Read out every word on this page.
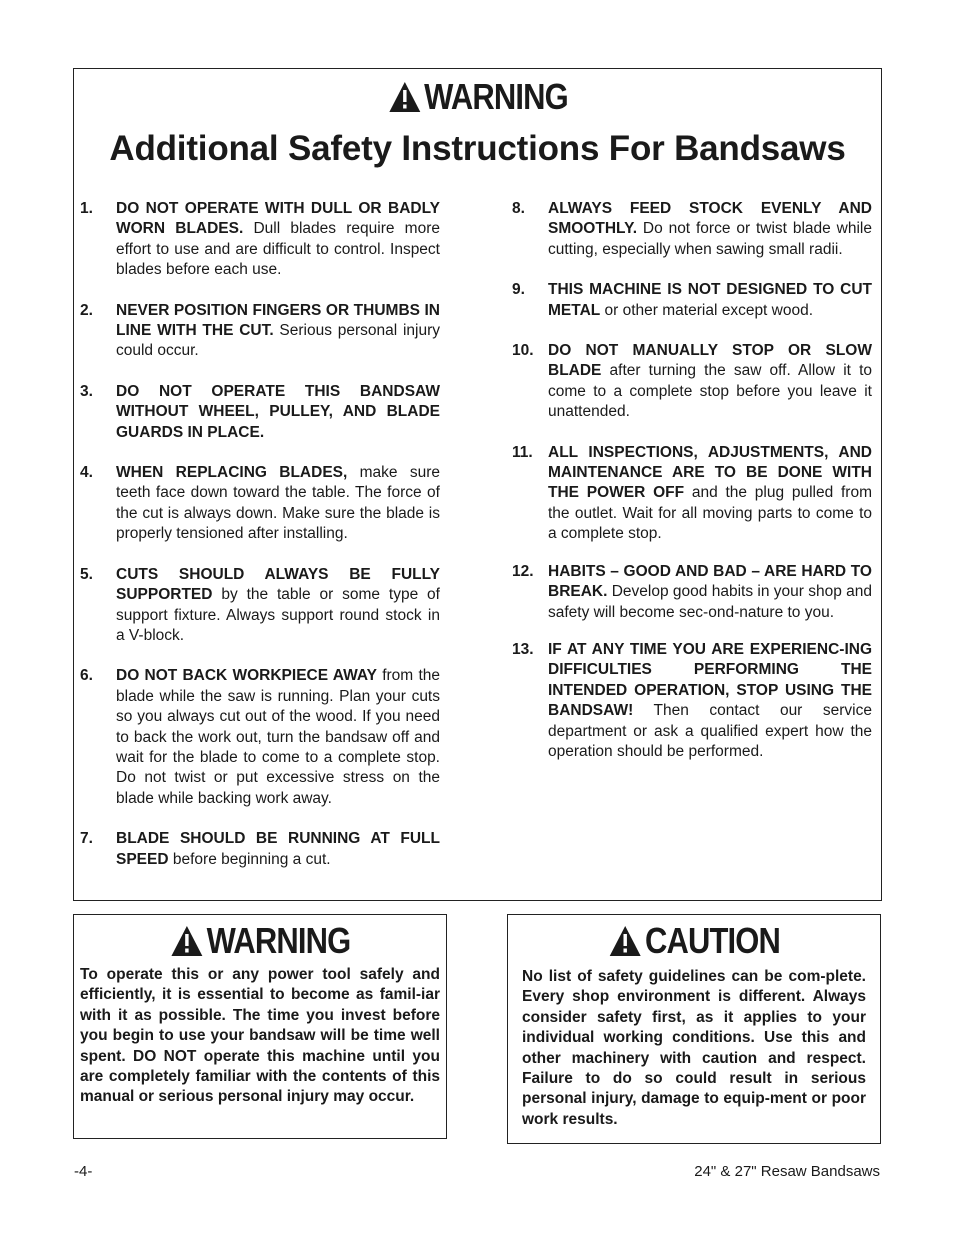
WARNING
Additional Safety Instructions For Bandsaws
1.	DO NOT OPERATE WITH DULL OR BADLY WORN BLADES. Dull blades require more effort to use and are difficult to control. Inspect blades before each use.
2.	NEVER POSITION FINGERS OR THUMBS IN LINE WITH THE CUT. Serious personal injury could occur.
3.	DO NOT OPERATE THIS BANDSAW WITHOUT WHEEL, PULLEY, AND BLADE GUARDS IN PLACE.
4.	WHEN REPLACING BLADES, make sure teeth face down toward the table. The force of the cut is always down. Make sure the blade is properly tensioned after installing.
5.	CUTS SHOULD ALWAYS BE FULLY SUPPORTED by the table or some type of support fixture. Always support round stock in a V-block.
6.	DO NOT BACK WORKPIECE AWAY from the blade while the saw is running. Plan your cuts so you always cut out of the wood. If you need to back the work out, turn the bandsaw off and wait for the blade to come to a complete stop. Do not twist or put excessive stress on the blade while backing work away.
7.	BLADE SHOULD BE RUNNING AT FULL SPEED before beginning a cut.
8.	ALWAYS FEED STOCK EVENLY AND SMOOTHLY. Do not force or twist blade while cutting, especially when sawing small radii.
9.	THIS MACHINE IS NOT DESIGNED TO CUT METAL or other material except wood.
10. DO NOT MANUALLY STOP OR SLOW BLADE after turning the saw off. Allow it to come to a complete stop before you leave it unattended.
11. ALL INSPECTIONS, ADJUSTMENTS, AND MAINTENANCE ARE TO BE DONE WITH THE POWER OFF and the plug pulled from the outlet. Wait for all moving parts to come to a complete stop.
12. HABITS – GOOD AND BAD – ARE HARD TO BREAK. Develop good habits in your shop and safety will become sec-ond-nature to you.
13. IF AT ANY TIME YOU ARE EXPERIENC-ING DIFFICULTIES PERFORMING THE INTENDED OPERATION, STOP USING THE BANDSAW! Then contact our service department or ask a qualified expert how the operation should be performed.
WARNING
To operate this or any power tool safely and efficiently, it is essential to become as famil-iar with it as possible. The time you invest before you begin to use your bandsaw will be time well spent. DO NOT operate this machine until you are completely familiar with the contents of this manual or serious personal injury may occur.
CAUTION
No list of safety guidelines can be com-plete. Every shop environment is different. Always consider safety first, as it applies to your individual working conditions. Use this and other machinery with caution and respect. Failure to do so could result in serious personal injury, damage to equip-ment or poor work results.
-4-	24" & 27" Resaw Bandsaws
